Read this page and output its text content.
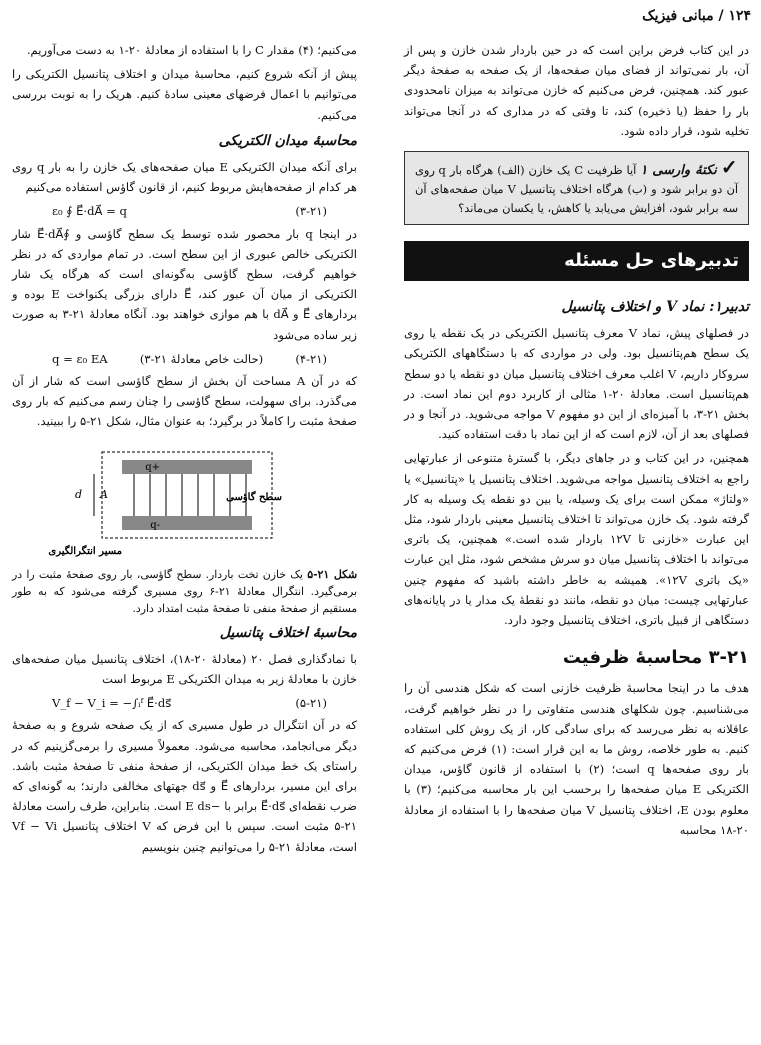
۱۲۴ / مبانی فیزیک

در این کتاب فرض براین است که در حین باردار شدن خازن و پس از آن، بار نمی‌تواند از فضای میان صفحه‌ها، از یک صفحه به صفحهٔ دیگر عبور کند. همچنین، فرض می‌کنیم که خازن می‌تواند به میزان نامحدودی بار را حفظ (یا ذخیره) کند، تا وقتی که در مداری که در آنجا می‌تواند تخلیه شود، قرار داده شود.

✓ نکتهٔ وارسی ۱ آیا ظرفیت C یک خازن (الف) هرگاه بار q روی آن دو برابر شود و (ب) هرگاه اختلاف پتانسیل V میان صفحه‌های آن سه برابر شود، افزایش می‌یابد یا کاهش، یا یکسان می‌ماند؟
تدبیرهای حل مسئله
تدبیر۱: نماد V و اختلاف پتانسیل

در فصلهای پیش، نماد V معرف پتانسیل الکتریکی در یک نقطه یا روی یک سطح هم‌پتانسیل بود. ولی در مواردی که با دستگاههای الکتریکی سروکار داریم، V اغلب معرف اختلاف پتانسیل میان دو نقطه یا دو سطح هم‌پتانسیل است. معادلهٔ ۲۰-۱ مثالی از کاربرد دوم این نماد است. در بخش ۲۱-۳، با آمیزه‌ای از این دو مفهوم V مواجه می‌شوید. در آنجا و در فصلهای بعد از آن، لازم است که از این نماد با دقت استفاده کنید.

همچنین، در این کتاب و در جاهای دیگر، با گسترهٔ متنوعی از عبارتهایی راجع به اختلاف پتانسیل مواجه می‌شوید. اختلاف پتانسیل یا «پتانسیل» یا «ولتاژ» ممکن است برای یک وسیله، یا بین دو نقطه یک وسیله به کار گرفته شود. یک خازن می‌تواند تا اختلاف پتانسیل معینی باردار شود، مثل این عبارت «خازنی تا ۱۲V باردار شده است.» همچنین، یک باتری می‌تواند با اختلاف پتانسیل میان دو سرش مشخص شود، مثل این عبارت «یک باتری ۱۲V». همیشه به خاطر داشته باشید که مفهوم چنین عبارتهایی چیست: میان دو نقطه، مانند دو نقطهٔ یک مدار یا در پایانه‌های دستگاهی از قبیل باتری، اختلاف پتانسیل وجود دارد.

۳-۲۱ محاسبهٔ ظرفیت

هدف ما در اینجا محاسبهٔ ظرفیت خازنی است که شکل هندسی آن را می‌شناسیم. چون شکلهای هندسی متفاوتی را در نظر خواهیم گرفت، عاقلانه به نظر می‌رسد که برای سادگی کار، از یک روش کلی استفاده کنیم. به طور خلاصه، روش ما به این قرار است: (۱) فرض می‌کنیم که بار روی صفحه‌ها q است؛ (۲) با استفاده از قانون گاؤس، میدان الکتریکی E میان صفحه‌ها را برحسب این بار محاسبه می‌کنیم؛ (۳) با معلوم بودن E، اختلاف پتانسیل V میان صفحه‌ها را با استفاده از معادلهٔ ۲۰-۱۸ محاسبه

می‌کنیم؛ (۴) مقدار C را با استفاده از معادلهٔ ۲۰-۱ به دست می‌آوریم.

پیش از آنکه شروع کنیم، محاسبهٔ میدان و اختلاف پتانسیل الکتریکی را می‌توانیم با اعمال فرضهای معینی سادهٔ کنیم. هریک را به نوبت بررسی می‌کنیم.

محاسبهٔ میدان الکتریکی

برای آنکه میدان الکتریکی E میان صفحه‌های یک خازن را به بار q روی هر کدام از صفحه‌هایش مربوط کنیم، از قانون گاؤس استفاده می‌کنیم

ε₀ ∮ E⃗·dA⃗ = q	(۳-۲۱)

در اینجا q بار محصور شده توسط یک سطح گاؤسی و ∮E⃗·dA⃗ شار الکتریکی خالص عبوری از این سطح است. در تمام مواردی که در نظر خواهیم گرفت، سطح گاؤسی به‌گونه‌ای است که هرگاه یک شار الکتریکی از میان آن عبور کند، E⃗ دارای بزرگی یکنواخت E بوده و بردارهای E⃗ و dA⃗ با هم موازی خواهند بود. آنگاه معادلهٔ ۲۱-۳ به صورت زیر ساده می‌شود

q = ε₀ EA	(حالت خاص معادلهٔ ۲۱-۳)	(۴-۲۱)

که در آن A مساحت آن بخش از سطح گاؤسی است که شار از آن می‌گذرد. برای سهولت، سطح گاؤسی را چنان رسم می‌کنیم که بار روی صفحهٔ مثبت را کاملاً در برگیرد؛ به عنوان مثال، شکل ۲۱-۵ را ببینید.

+q
-q
d A	سطح گاؤسی
مسیر انتگرالگیری
شکل ۲۱-۵ یک خازن تخت باردار. سطح گاؤسی، بار روی صفحهٔ مثبت را در برمی‌گیرد. انتگرال معادلهٔ ۲۱-۶ روی مسیری گرفته می‌شود که به طور مستقیم از صفحهٔ منفی تا صفحهٔ مثبت امتداد دارد.
محاسبهٔ اختلاف پتانسیل

با نمادگذاری فصل ۲۰ (معادلهٔ ۲۰-۱۸)، اختلاف پتانسیل میان صفحه‌های خازن با معادلهٔ زیر به میدان الکتریکی E مربوط است

V_f − V_i = −∫ᵢᶠ E⃗·ds⃗	(۵-۲۱)

که در آن انتگرال در طول مسیری که از یک صفحه شروع و به صفحهٔ دیگر می‌انجامد، محاسبه می‌شود. معمولاً مسیری را برمی‌گزینیم که در راستای یک خط میدان الکتریکی، از صفحهٔ منفی تا صفحهٔ مثبت باشد. برای این مسیر، بردارهای E⃗ و ds⃗ جهتهای مخالفی دارند؛ به گونه‌ای که ضرب نقطه‌ای E⃗·ds⃗ برابر با −E ds است. بنابراین، طرف راست معادلهٔ ۲۱-۵ مثبت است. سپس با این فرض که V اختلاف پتانسیل Vf − Vi است، معادلهٔ ۲۱-۵ را می‌توانیم چنین بنویسیم
